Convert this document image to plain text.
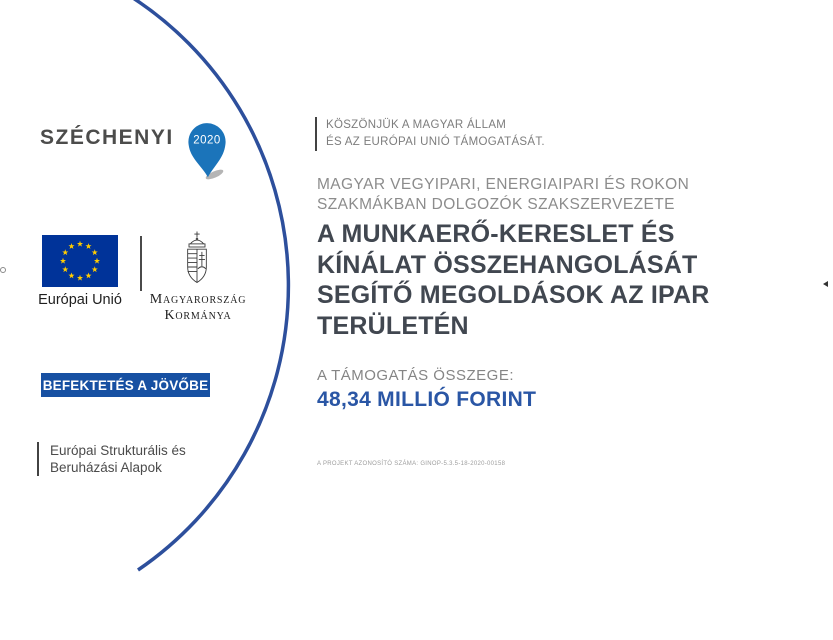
SZÉCHENYI 2020
Európai Unió	Magyarország
Kormánya
BEFEKTETÉS A JÖVŐBE
Európai Strukturális és
Beruházási Alapok
KÖSZÖNJÜK A MAGYAR ÁLLAM
ÉS AZ EURÓPAI UNIÓ TÁMOGATÁSÁT.
MAGYAR VEGYIPARI, ENERGIAIPARI ÉS ROKON
SZAKMÁKBAN DOLGOZÓK SZAKSZERVEZETE
A MUNKAERŐ-KERESLET ÉS
KÍNÁLAT ÖSSZEHANGOLÁSÁT
SEGÍTŐ MEGOLDÁSOK AZ IPAR
TERÜLETÉN
A TÁMOGATÁS ÖSSZEGE:
48,34 MILLIÓ FORINT
A PROJEKT AZONOSÍTÓ SZÁMA: GINOP-5.3.5-18-2020-00158
